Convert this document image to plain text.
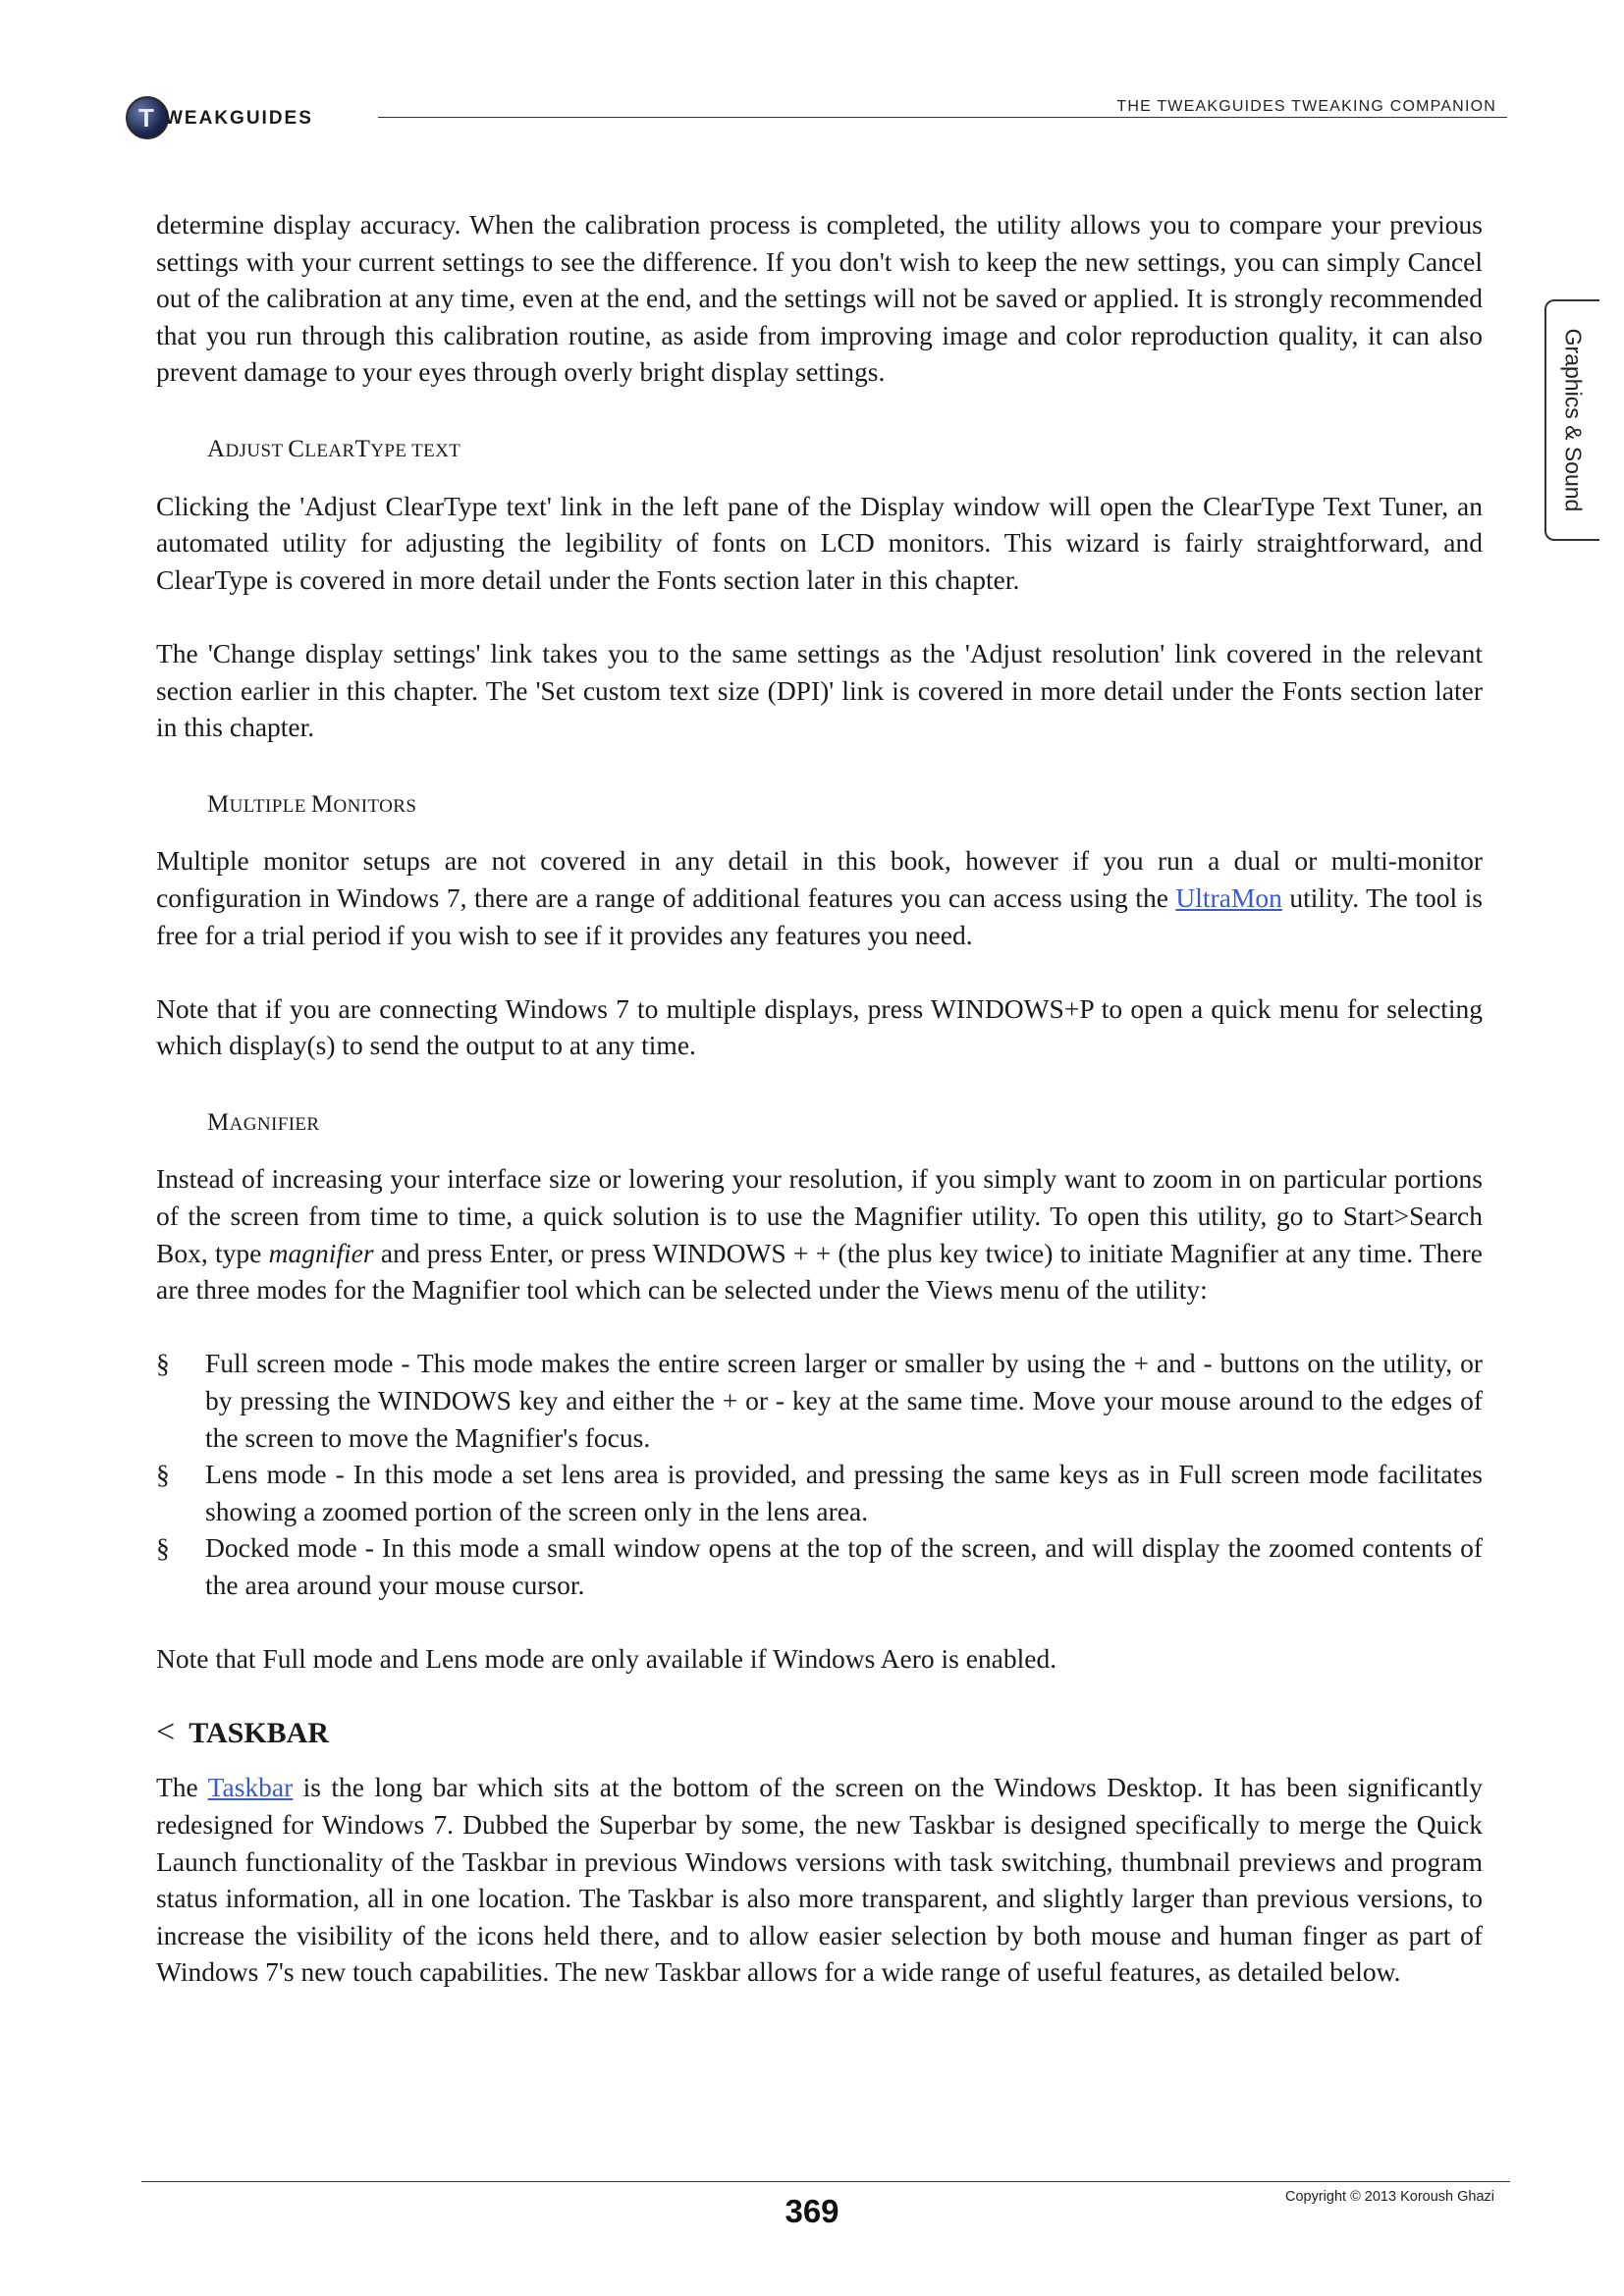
T WEAKGUIDES
THE TWEAKGUIDES TWEAKING COMPANION
Graphics & Sound

determine display accuracy. When the calibration process is completed, the utility allows you to compare your previous settings with your current settings to see the difference. If you don't wish to keep the new settings, you can simply Cancel out of the calibration at any time, even at the end, and the settings will not be saved or applied. It is strongly recommended that you run through this calibration routine, as aside from improving image and color reproduction quality, it can also prevent damage to your eyes through overly bright display settings.

ADJUST CLEARTYPE TEXT

Clicking the 'Adjust ClearType text' link in the left pane of the Display window will open the ClearType Text Tuner, an automated utility for adjusting the legibility of fonts on LCD monitors. This wizard is fairly straightforward, and ClearType is covered in more detail under the Fonts section later in this chapter.

The 'Change display settings' link takes you to the same settings as the 'Adjust resolution' link covered in the relevant section earlier in this chapter. The 'Set custom text size (DPI)' link is covered in more detail under the Fonts section later in this chapter.

MULTIPLE MONITORS

Multiple monitor setups are not covered in any detail in this book, however if you run a dual or multi-monitor configuration in Windows 7, there are a range of additional features you can access using the UltraMon utility. The tool is free for a trial period if you wish to see if it provides any features you need.

Note that if you are connecting Windows 7 to multiple displays, press WINDOWS+P to open a quick menu for selecting which display(s) to send the output to at any time.

MAGNIFIER

Instead of increasing your interface size or lowering your resolution, if you simply want to zoom in on particular portions of the screen from time to time, a quick solution is to use the Magnifier utility. To open this utility, go to Start>Search Box, type magnifier and press Enter, or press WINDOWS + + (the plus key twice) to initiate Magnifier at any time. There are three modes for the Magnifier tool which can be selected under the Views menu of the utility:

§ Full screen mode - This mode makes the entire screen larger or smaller by using the + and - buttons on the utility, or by pressing the WINDOWS key and either the + or - key at the same time. Move your mouse around to the edges of the screen to move the Magnifier's focus.
§ Lens mode - In this mode a set lens area is provided, and pressing the same keys as in Full screen mode facilitates showing a zoomed portion of the screen only in the lens area.
§ Docked mode - In this mode a small window opens at the top of the screen, and will display the zoomed contents of the area around your mouse cursor.

Note that Full mode and Lens mode are only available if Windows Aero is enabled.

< TASKBAR

The Taskbar is the long bar which sits at the bottom of the screen on the Windows Desktop. It has been significantly redesigned for Windows 7. Dubbed the Superbar by some, the new Taskbar is designed specifically to merge the Quick Launch functionality of the Taskbar in previous Windows versions with task switching, thumbnail previews and program status information, all in one location. The Taskbar is also more transparent, and slightly larger than previous versions, to increase the visibility of the icons held there, and to allow easier selection by both mouse and human finger as part of Windows 7's new touch capabilities. The new Taskbar allows for a wide range of useful features, as detailed below.

Copyright © 2013 Koroush Ghazi
369
